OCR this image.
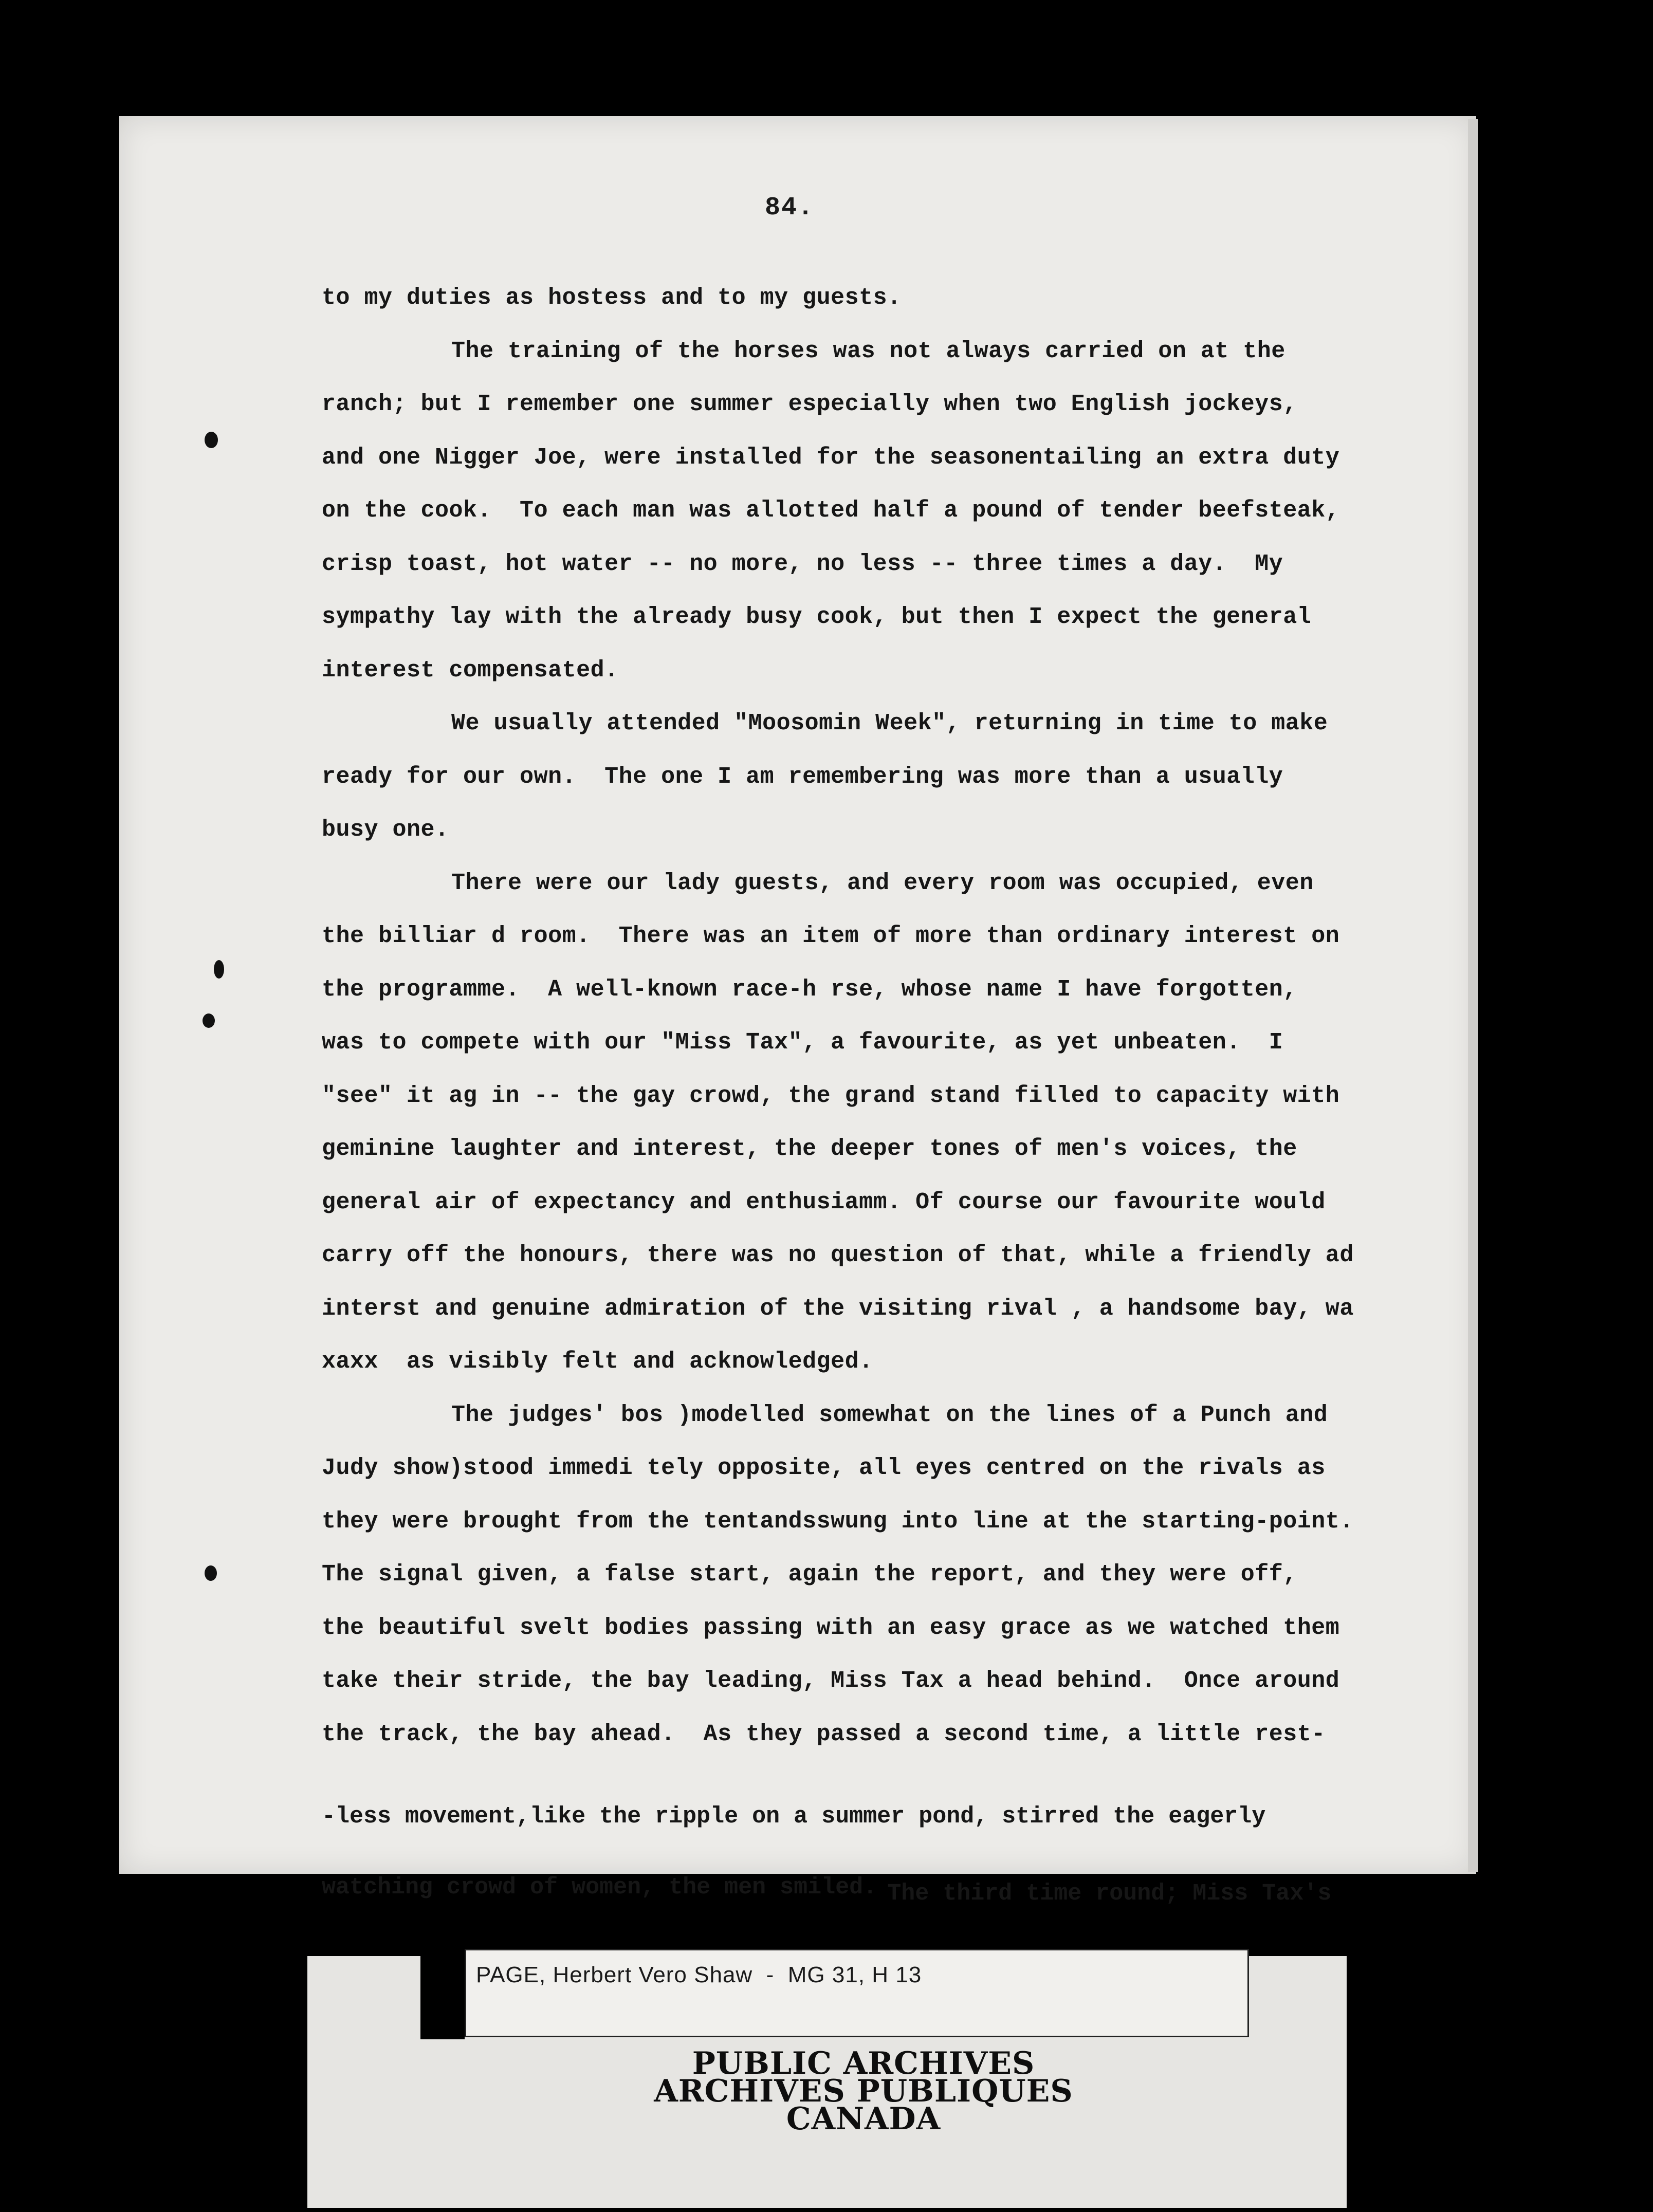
84.
to my duties as hostess and to my guests.
The training of the horses was not always carried on at the
ranch; but I remember one summer especially when two English jockeys,
and one Nigger Joe, were installed for the seasonentailing an extra duty
on the cook.  To each man was allotted half a pound of tender beefsteak,
crisp toast, hot water -- no more, no less -- three times a day.  My
sympathy lay with the already busy cook, but then I expect the general
interest compensated.
We usually attended "Moosomin Week", returning in time to make
ready for our own.  The one I am remembering was more than a usually
busy one.
There were our lady guests, and every room was occupied, even
the billiar d room.  There was an item of more than ordinary interest on
the programme.  A well-known race-h rse, whose name I have forgotten,
was to compete with our "Miss Tax", a favourite, as yet unbeaten.  I
"see" it ag in -- the gay crowd, the grand stand filled to capacity with
gemininе laughter and interest, the deeper tones of men's voices, the
general air of expectancy and enthusiamm. Of course our favourite would
carry off the honours, there was no question of that, while a friendly ad
interst and genuine admiration of the visiting rival , a handsome bay, wa
xaxx  as visibly felt and acknowledged.
The judges' bos )modelled somewhat on the lines of a Punch and
Judy show)stood immedi tely opposite, all eyes centred on the rivals as
they were brought from the tentandsswung into line at the starting-point.
The signal given, a false start, again the report, and they were off,
the beautiful svelt bodies passing with an easy grace as we watched them
take their stride, the bay leading, Miss Tax a head behind.  Once around
the track, the bay ahead.  As they passed a second time, a little rest-

-less movement,like the ripple on a summer pond, stirred the eagerly

watching crowd of women, the men smiled. The third time round; Miss Tax's

PAGE, Herbert Vero Shaw  -  MG 31, H 13
PUBLIC ARCHIVES
ARCHIVES PUBLIQUES
CANADA
